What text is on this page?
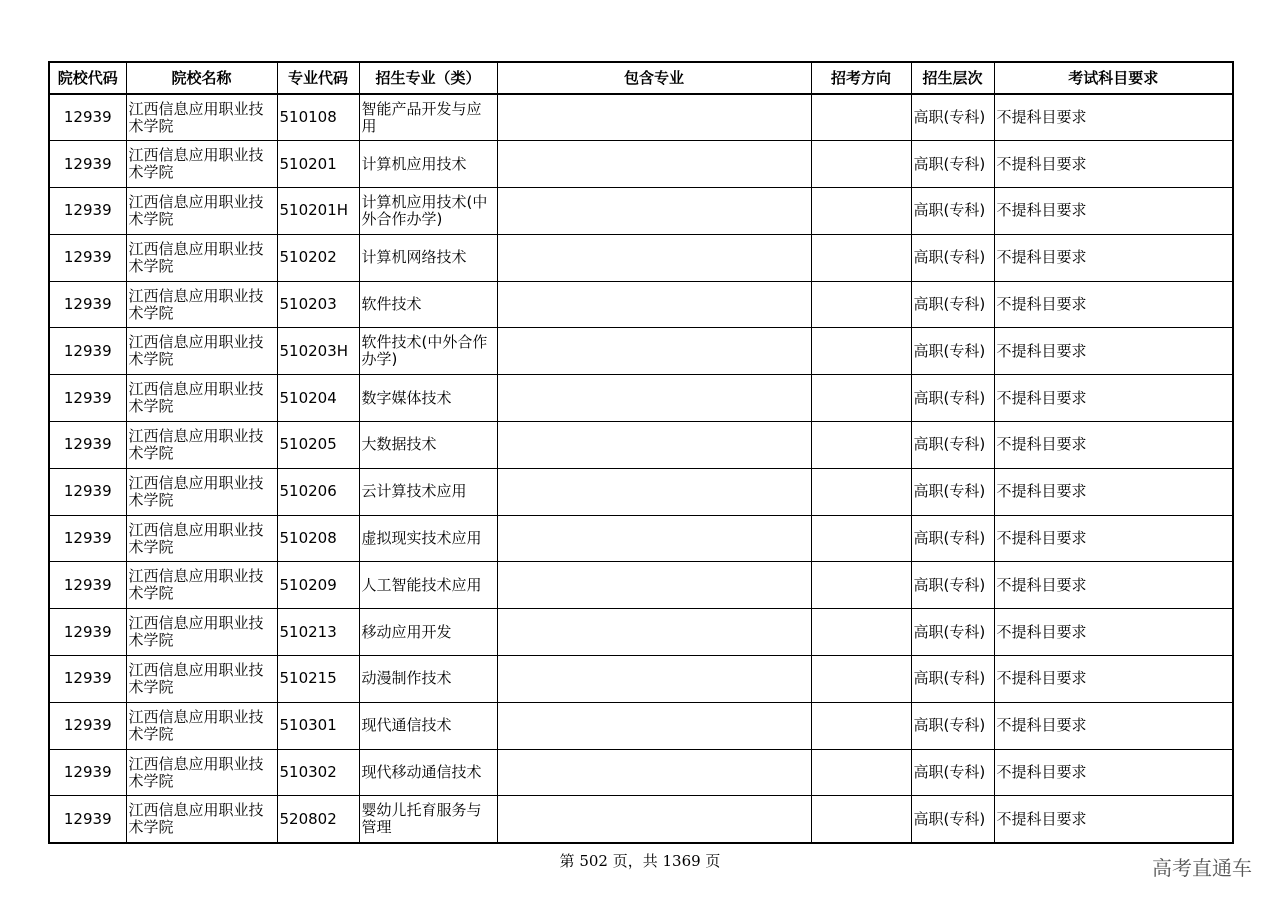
院校代码	院校名称	专业代码	招生专业（类）	包含专业	招考方向	招生层次	考试科目要求
12939	江西信息应用职业技术学院	510108	智能产品开发与应用			高职(专科)	不提科目要求
12939	江西信息应用职业技术学院	510201	计算机应用技术			高职(专科)	不提科目要求
12939	江西信息应用职业技术学院	510201H	计算机应用技术(中外合作办学)			高职(专科)	不提科目要求
12939	江西信息应用职业技术学院	510202	计算机网络技术			高职(专科)	不提科目要求
12939	江西信息应用职业技术学院	510203	软件技术			高职(专科)	不提科目要求
12939	江西信息应用职业技术学院	510203H	软件技术(中外合作办学)			高职(专科)	不提科目要求
12939	江西信息应用职业技术学院	510204	数字媒体技术			高职(专科)	不提科目要求
12939	江西信息应用职业技术学院	510205	大数据技术			高职(专科)	不提科目要求
12939	江西信息应用职业技术学院	510206	云计算技术应用			高职(专科)	不提科目要求
12939	江西信息应用职业技术学院	510208	虚拟现实技术应用			高职(专科)	不提科目要求
12939	江西信息应用职业技术学院	510209	人工智能技术应用			高职(专科)	不提科目要求
12939	江西信息应用职业技术学院	510213	移动应用开发			高职(专科)	不提科目要求
12939	江西信息应用职业技术学院	510215	动漫制作技术			高职(专科)	不提科目要求
12939	江西信息应用职业技术学院	510301	现代通信技术			高职(专科)	不提科目要求
12939	江西信息应用职业技术学院	510302	现代移动通信技术			高职(专科)	不提科目要求
12939	江西信息应用职业技术学院	520802	婴幼儿托育服务与管理			高职(专科)	不提科目要求
第 502 页，共 1369 页	高考直通车
